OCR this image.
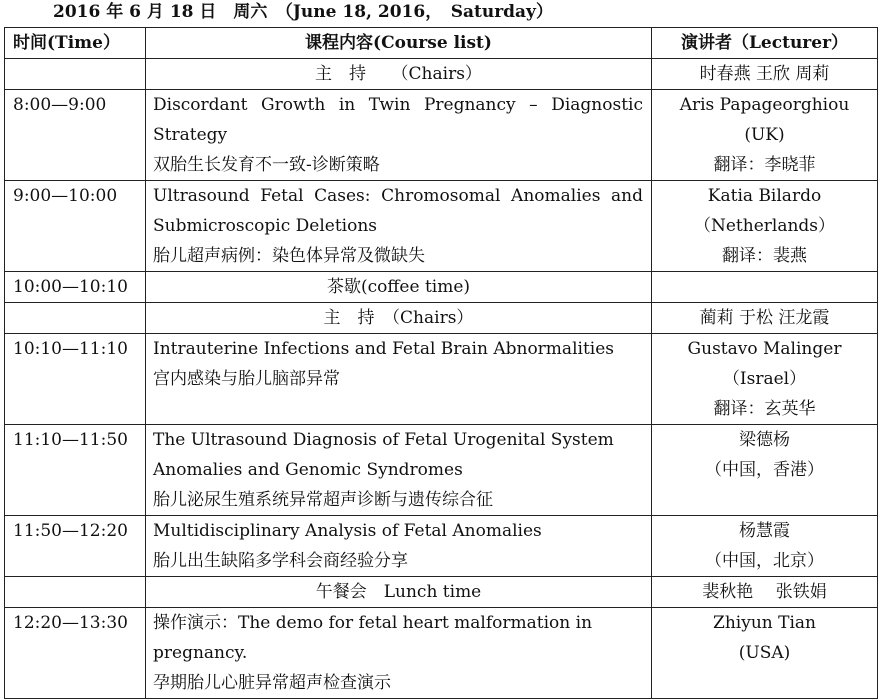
2016 年 6 月 18 日　周六　（June 18, 2016，　Saturday）
时间(Time）	课程内容(Course list)	演讲者（Lecturer）
	主　持　　（Chairs）	时春燕 王欣 周莉
8:00—9:00	Discordant Growth in Twin Pregnancy – Diagnostic
Strategy
双胎生长发育不一致-诊断策略	Aris Papageorghiou
(UK)
翻译：李晓菲

9:00—10:00	Ultrasound Fetal Cases: Chromosomal Anomalies and
Submicroscopic Deletions
胎儿超声病例：染色体异常及微缺失	Katia Bilardo
（Netherlands）
翻译：裴燕

10:00—10:10	茶歇(coffee time)	
	主　持　（Chairs）	蔺莉 于松 汪龙霞
10:10—11:10	Intrauterine Infections and Fetal Brain Abnormalities
宫内感染与胎儿脑部异常	Gustavo Malinger
（Israel）
翻译：玄英华

11:10—11:50	The Ultrasound Diagnosis of Fetal Urogenital System
Anomalies and Genomic Syndromes
胎儿泌尿生殖系统异常超声诊断与遗传综合征	梁德杨
（中国，香港）

11:50—12:20	Multidisciplinary Analysis of Fetal Anomalies
胎儿出生缺陷多学科会商经验分享	杨慧霞
（中国，北京）

	午餐会　Lunch time	裴秋艳　 张铁娟
12:20—13:30	操作演示：The demo for fetal heart malformation in
pregnancy.
孕期胎儿心脏异常超声检查演示	Zhiyun Tian
(USA)
